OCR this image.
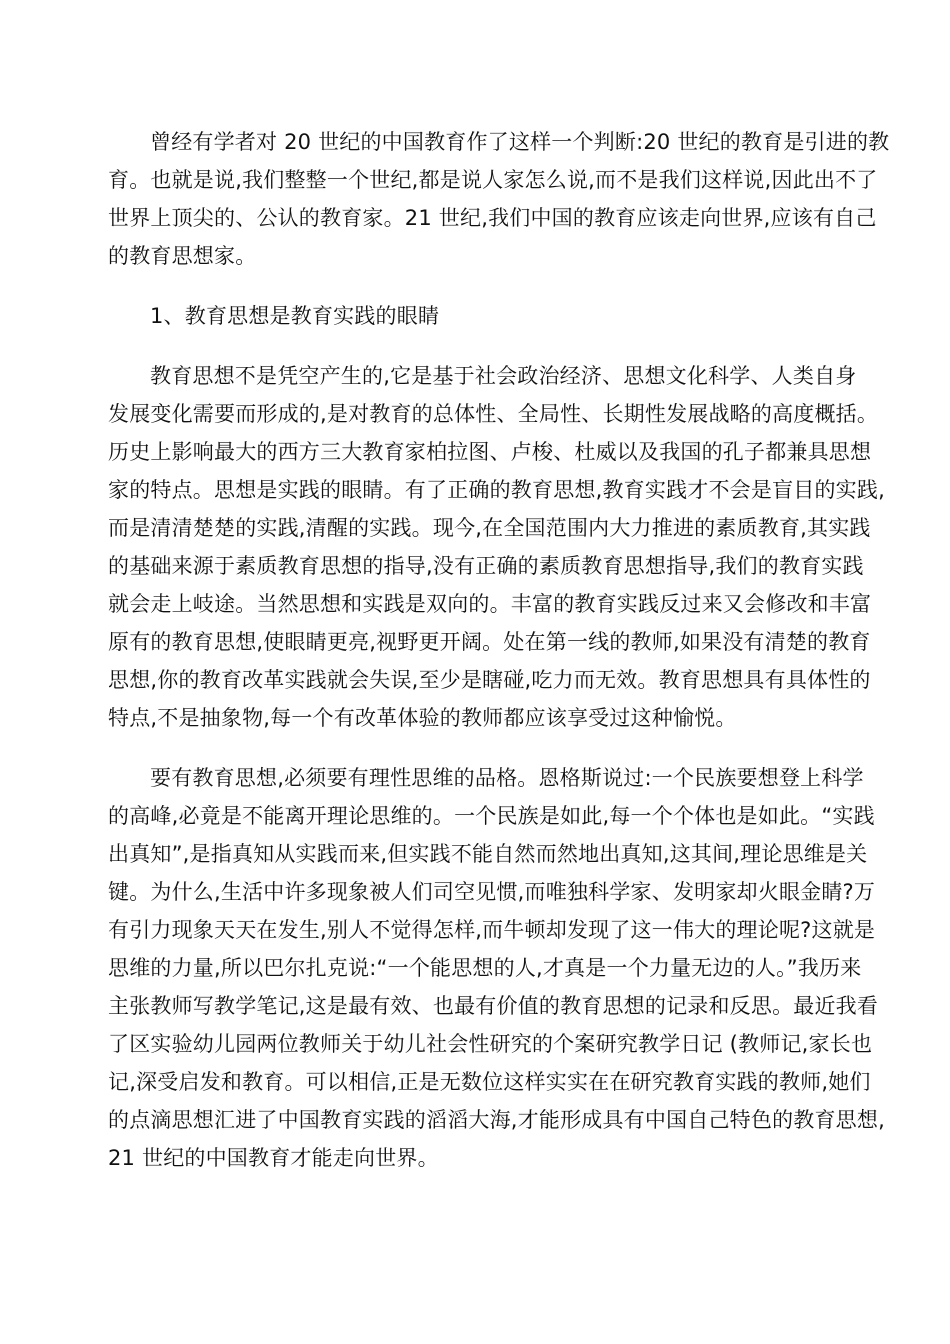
曾经有学者对 20 世纪的中国教育作了这样一个判断:20 世纪的教育是引进的教
育。也就是说,我们整整一个世纪,都是说人家怎么说,而不是我们这样说,因此出不了
世界上顶尖的、公认的教育家。21 世纪,我们中国的教育应该走向世界,应该有自己
的教育思想家。
1、教育思想是教育实践的眼睛
教育思想不是凭空产生的,它是基于社会政治经济、思想文化科学、人类自身
发展变化需要而形成的,是对教育的总体性、全局性、长期性发展战略的高度概括。
历史上影响最大的西方三大教育家柏拉图、卢梭、杜威以及我国的孔子都兼具思想
家的特点。思想是实践的眼睛。有了正确的教育思想,教育实践才不会是盲目的实践,
而是清清楚楚的实践,清醒的实践。现今,在全国范围内大力推进的素质教育,其实践
的基础来源于素质教育思想的指导,没有正确的素质教育思想指导,我们的教育实践
就会走上岐途。当然思想和实践是双向的。丰富的教育实践反过来又会修改和丰富
原有的教育思想,使眼睛更亮,视野更开阔。处在第一线的教师,如果没有清楚的教育
思想,你的教育改革实践就会失误,至少是瞎碰,吃力而无效。教育思想具有具体性的
特点,不是抽象物,每一个有改革体验的教师都应该享受过这种愉悦。
要有教育思想,必须要有理性思维的品格。恩格斯说过:一个民族要想登上科学
的高峰,必竟是不能离开理论思维的。一个民族是如此,每一个个体也是如此。“实践
出真知”,是指真知从实践而来,但实践不能自然而然地出真知,这其间,理论思维是关
键。为什么,生活中许多现象被人们司空见惯,而唯独科学家、发明家却火眼金睛?万
有引力现象天天在发生,别人不觉得怎样,而牛顿却发现了这一伟大的理论呢?这就是
思维的力量,所以巴尔扎克说:“一个能思想的人,才真是一个力量无边的人。”我历来
主张教师写教学笔记,这是最有效、也最有价值的教育思想的记录和反思。最近我看
了区实验幼儿园两位教师关于幼儿社会性研究的个案研究教学日记 (教师记,家长也
记,深受启发和教育。可以相信,正是无数位这样实实在在研究教育实践的教师,她们
的点滴思想汇进了中国教育实践的滔滔大海,才能形成具有中国自己特色的教育思想,
21 世纪的中国教育才能走向世界。
